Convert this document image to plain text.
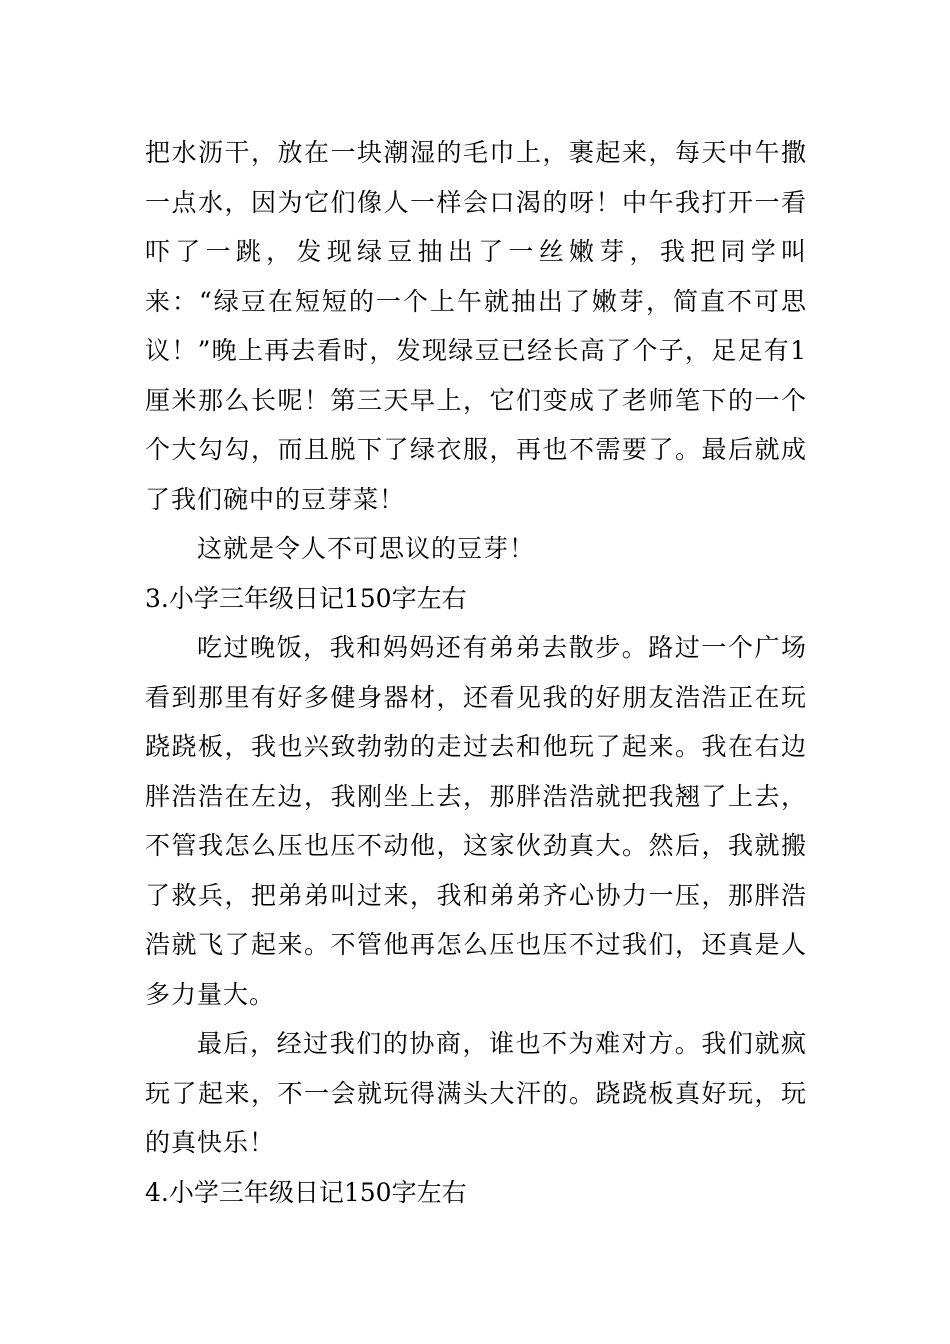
把水沥干，放在一块潮湿的毛巾上，裹起来，每天中午撒一点水，因为它们像人一样会口渴的呀！中午我打开一看吓了一跳，发现绿豆抽出了一丝嫩芽，我把同学叫来：“绿豆在短短的一个上午就抽出了嫩芽，简直不可思议！”晚上再去看时，发现绿豆已经长高了个子，足足有1厘米那么长呢！第三天早上，它们变成了老师笔下的一个个大勾勾，而且脱下了绿衣服，再也不需要了。最后就成了我们碗中的豆芽菜！

这就是令人不可思议的豆芽！

3.小学三年级日记150字左右

吃过晚饭，我和妈妈还有弟弟去散步。路过一个广场看到那里有好多健身器材，还看见我的好朋友浩浩正在玩跷跷板，我也兴致勃勃的走过去和他玩了起来。我在右边胖浩浩在左边，我刚坐上去，那胖浩浩就把我翘了上去，不管我怎么压也压不动他，这家伙劲真大。然后，我就搬了救兵，把弟弟叫过来，我和弟弟齐心协力一压，那胖浩浩就飞了起来。不管他再怎么压也压不过我们，还真是人多力量大。

最后，经过我们的协商，谁也不为难对方。我们就疯玩了起来，不一会就玩得满头大汗的。跷跷板真好玩，玩的真快乐！

4.小学三年级日记150字左右
